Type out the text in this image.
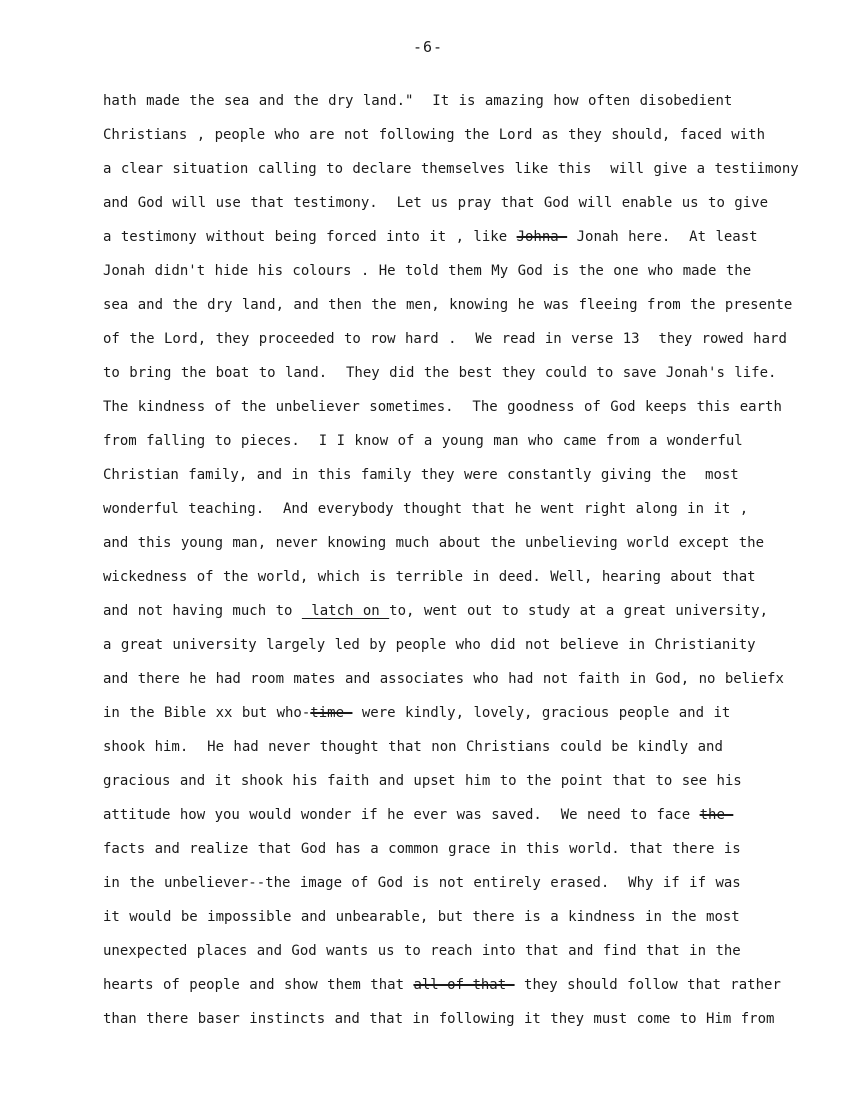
-6-
hath made the sea and the dry land."  It is amazing how often disobedient
Christians , people who are not following the Lord as they should, faced with
a clear situation calling to declare themselves like this  will give a testiimony
and God will use that testimony.  Let us pray that God will enable us to give
a testimony without being forced into it , like Johna- Jonah here.  At least
Jonah didn't hide his colours . He told them My God is the one who made the
sea and the dry land, and then the men, knowing he was fleeing from the presente
of the Lord, they proceeded to row hard .  We read in verse 13  they rowed hard
to bring the boat to land.  They did the best they could to save Jonah's life.
The kindness of the unbeliever sometimes.  The goodness of God keeps this earth
from falling to pieces.  I I know of a young man who came from a wonderful
Christian family, and in this family they were constantly giving the  most
wonderful teaching.  And everybody thought that he went right along in it ,
and this young man, never knowing much about the unbelieving world except the
wickedness of the world, which is terrible in deed. Well, hearing about that
and not having much to  latch on to, went out to study at a great university,
a great university largely led by people who did not believe in Christianity
and there he had room mates and associates who had not faith in God, no beliefx
in the Bible xx but who-time- were kindly, lovely, gracious people and it
shook him.  He had never thought that non Christians could be kindly and
gracious and it shook his faith and upset him to the point that to see his
attitude how you would wonder if he ever was saved.  We need to face the-
facts and realize that God has a common grace in this world. that there is
in the unbeliever--the image of God is not entirely erased.  Why if if was
it would be impossible and unbearable, but there is a kindness in the most
unexpected places and God wants us to reach into that and find that in the
hearts of people and show them that all-of-that- they should follow that rather
than there baser instincts and that in following it they must come to Him from
